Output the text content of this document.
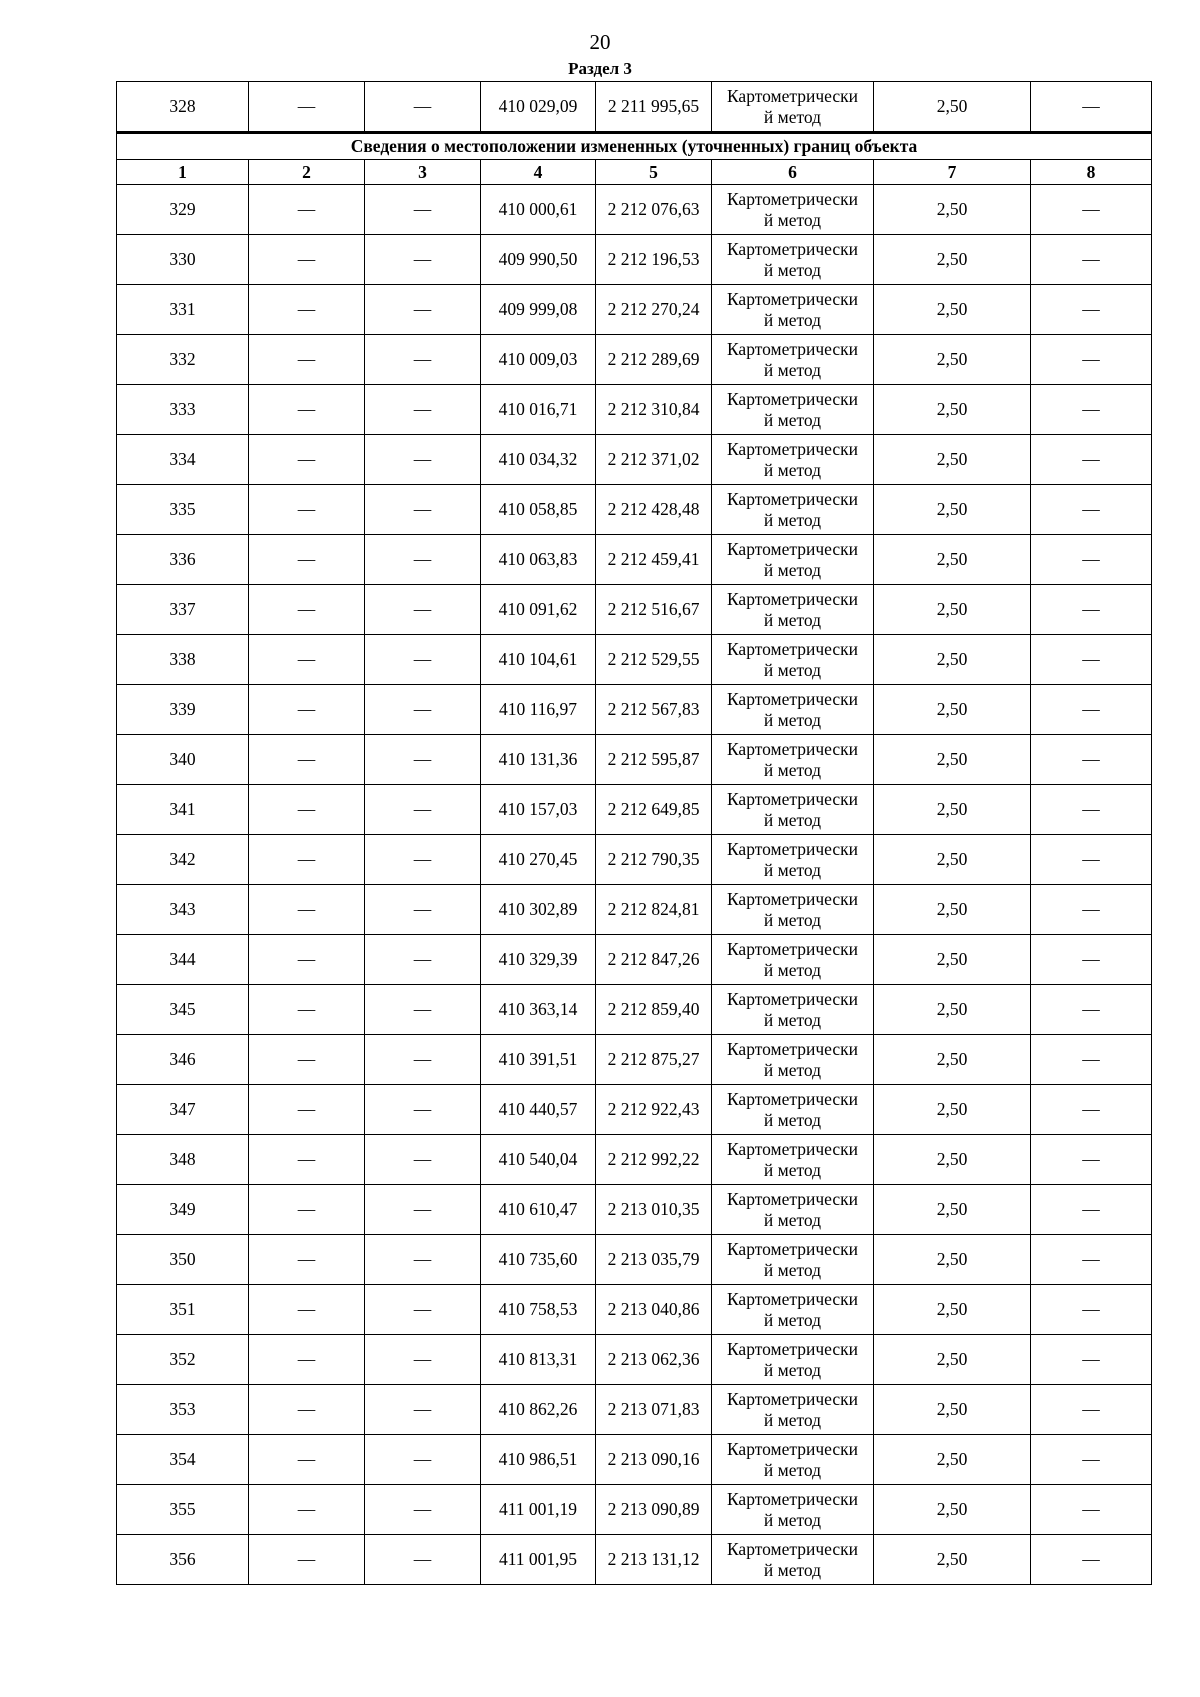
20
Раздел 3
328	—	—	410 029,09	2 211 995,65	Картометрически
й метод	2,50	—
Сведения о местоположении измененных (уточненных) границ объекта							
1	2	3	4	5	6	7	8
329	—	—	410 000,61	2 212 076,63	Картометрически
й метод	2,50	—
330	—	—	409 990,50	2 212 196,53	Картометрически
й метод	2,50	—
331	—	—	409 999,08	2 212 270,24	Картометрически
й метод	2,50	—
332	—	—	410 009,03	2 212 289,69	Картометрически
й метод	2,50	—
333	—	—	410 016,71	2 212 310,84	Картометрически
й метод	2,50	—
334	—	—	410 034,32	2 212 371,02	Картометрически
й метод	2,50	—
335	—	—	410 058,85	2 212 428,48	Картометрически
й метод	2,50	—
336	—	—	410 063,83	2 212 459,41	Картометрически
й метод	2,50	—
337	—	—	410 091,62	2 212 516,67	Картометрически
й метод	2,50	—
338	—	—	410 104,61	2 212 529,55	Картометрически
й метод	2,50	—
339	—	—	410 116,97	2 212 567,83	Картометрически
й метод	2,50	—
340	—	—	410 131,36	2 212 595,87	Картометрически
й метод	2,50	—
341	—	—	410 157,03	2 212 649,85	Картометрически
й метод	2,50	—
342	—	—	410 270,45	2 212 790,35	Картометрически
й метод	2,50	—
343	—	—	410 302,89	2 212 824,81	Картометрически
й метод	2,50	—
344	—	—	410 329,39	2 212 847,26	Картометрически
й метод	2,50	—
345	—	—	410 363,14	2 212 859,40	Картометрически
й метод	2,50	—
346	—	—	410 391,51	2 212 875,27	Картометрически
й метод	2,50	—
347	—	—	410 440,57	2 212 922,43	Картометрически
й метод	2,50	—
348	—	—	410 540,04	2 212 992,22	Картометрически
й метод	2,50	—
349	—	—	410 610,47	2 213 010,35	Картометрически
й метод	2,50	—
350	—	—	410 735,60	2 213 035,79	Картометрически
й метод	2,50	—
351	—	—	410 758,53	2 213 040,86	Картометрически
й метод	2,50	—
352	—	—	410 813,31	2 213 062,36	Картометрически
й метод	2,50	—
353	—	—	410 862,26	2 213 071,83	Картометрически
й метод	2,50	—
354	—	—	410 986,51	2 213 090,16	Картометрически
й метод	2,50	—
355	—	—	411 001,19	2 213 090,89	Картометрически
й метод	2,50	—
356	—	—	411 001,95	2 213 131,12	Картометрически
й метод	2,50	—
